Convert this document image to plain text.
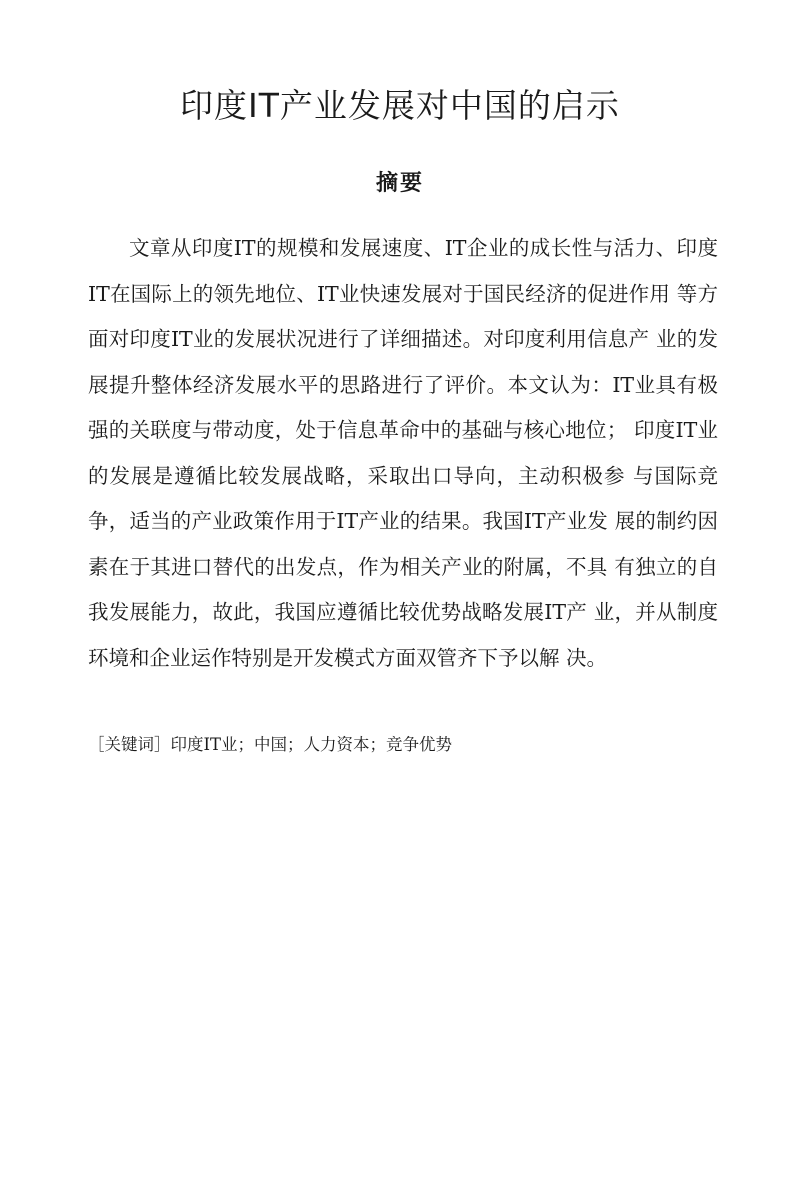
印度IT产业发展对中国的启示
摘要

文章从印度IT的规模和发展速度、IT企业的成长性与活力、印度IT在国际上的领先地位、IT业快速发展对于国民经济的促进作用 等方面对印度IT业的发展状况进行了详细描述。对印度利用信息产 业的发展提升整体经济发展水平的思路进行了评价。本文认为：IT业具有极强的关联度与带动度，处于信息革命中的基础与核心地位； 印度IT业的发展是遵循比较发展战略，采取出口导向，主动积极参 与国际竞争，适当的产业政策作用于IT产业的结果。我国IT产业发 展的制约因素在于其进口替代的出发点，作为相关产业的附属，不具 有独立的自我发展能力，故此，我国应遵循比较优势战略发展IT产 业，并从制度环境和企业运作特别是开发模式方面双管齐下予以解 决。

［关键词］印度IT业；中国；人力资本；竞争优势
